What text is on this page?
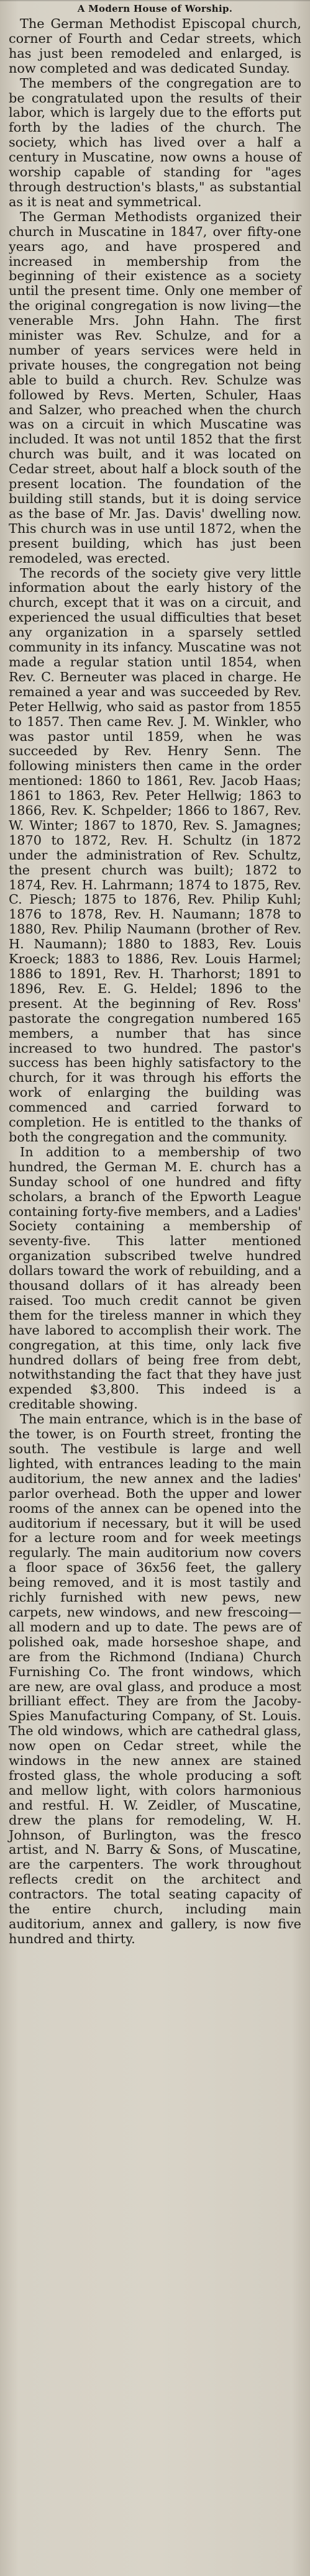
A Modern House of Worship.

The German Methodist Episcopal church, corner of Fourth and Cedar streets, which has just been remodeled and enlarged, is now completed and was dedicated Sunday.

The members of the congregation are to be congratulated upon the results of their labor, which is largely due to the efforts put forth by the ladies of the church. The society, which has lived over a half a century in Muscatine, now owns a house of worship capable of standing for "ages through destruction's blasts," as substantial as it is neat and symmetrical.

The German Methodists organized their church in Muscatine in 1847, over fifty-one years ago, and have prospered and increased in membership from the beginning of their existence as a society until the present time. Only one member of the original congregation is now living—the venerable Mrs. John Hahn. The first minister was Rev. Schulze, and for a number of years services were held in private houses, the congregation not being able to build a church. Rev. Schulze was followed by Revs. Merten, Schuler, Haas and Salzer, who preached when the church was on a circuit in which Muscatine was included. It was not until 1852 that the first church was built, and it was located on Cedar street, about half a block south of the present location. The foundation of the building still stands, but it is doing service as the base of Mr. Jas. Davis' dwelling now. This church was in use until 1872, when the present building, which has just been remodeled, was erected.

The records of the society give very little information about the early history of the church, except that it was on a circuit, and experienced the usual difficulties that beset any organization in a sparsely settled community in its infancy. Muscatine was not made a regular station until 1854, when Rev. C. Berneuter was placed in charge. He remained a year and was succeeded by Rev. Peter Hellwig, who said as pastor from 1855 to 1857. Then came Rev. J. M. Winkler, who was pastor until 1859, when he was succeeded by Rev. Henry Senn. The following ministers then came in the order mentioned: 1860 to 1861, Rev. Jacob Haas; 1861 to 1863, Rev. Peter Hellwig; 1863 to 1866, Rev. K. Schpelder; 1866 to 1867, Rev. W. Winter; 1867 to 1870, Rev. S. Jamagnes; 1870 to 1872, Rev. H. Schultz (in 1872 under the administration of Rev. Schultz, the present church was built); 1872 to 1874, Rev. H. Lahrmann; 1874 to 1875, Rev. C. Piesch; 1875 to 1876, Rev. Philip Kuhl; 1876 to 1878, Rev. H. Naumann; 1878 to 1880, Rev. Philip Naumann (brother of Rev. H. Naumann); 1880 to 1883, Rev. Louis Kroeck; 1883 to 1886, Rev. Louis Harmel; 1886 to 1891, Rev. H. Tharhorst; 1891 to 1896, Rev. E. G. Heldel; 1896 to the present. At the beginning of Rev. Ross' pastorate the congregation numbered 165 members, a number that has since increased to two hundred. The pastor's success has been highly satisfactory to the church, for it was through his efforts the work of enlarging the building was commenced and carried forward to completion. He is entitled to the thanks of both the congregation and the community.

In addition to a membership of two hundred, the German M. E. church has a Sunday school of one hundred and fifty scholars, a branch of the Epworth League containing forty-five members, and a Ladies' Society containing a membership of seventy-five. This latter mentioned organization subscribed twelve hundred dollars toward the work of rebuilding, and a thousand dollars of it has already been raised. Too much credit cannot be given them for the tireless manner in which they have labored to accomplish their work. The congregation, at this time, only lack five hundred dollars of being free from debt, notwithstanding the fact that they have just expended $3,800. This indeed is a creditable showing.

The main entrance, which is in the base of the tower, is on Fourth street, fronting the south. The vestibule is large and well lighted, with entrances leading to the main auditorium, the new annex and the ladies' parlor overhead. Both the upper and lower rooms of the annex can be opened into the auditorium if necessary, but it will be used for a lecture room and for week meetings regularly. The main auditorium now covers a floor space of 36x56 feet, the gallery being removed, and it is most tastily and richly furnished with new pews, new carpets, new windows, and new frescoing—all modern and up to date. The pews are of polished oak, made horseshoe shape, and are from the Richmond (Indiana) Church Furnishing Co. The front windows, which are new, are oval glass, and produce a most brilliant effect. They are from the Jacoby-Spies Manufacturing Company, of St. Louis. The old windows, which are cathedral glass, now open on Cedar street, while the windows in the new annex are stained frosted glass, the whole producing a soft and mellow light, with colors harmonious and restful. H. W. Zeidler, of Muscatine, drew the plans for remodeling, W. H. Johnson, of Burlington, was the fresco artist, and N. Barry & Sons, of Muscatine, are the carpenters. The work throughout reflects credit on the architect and contractors. The total seating capacity of the entire church, including main auditorium, annex and gallery, is now five hundred and thirty.
